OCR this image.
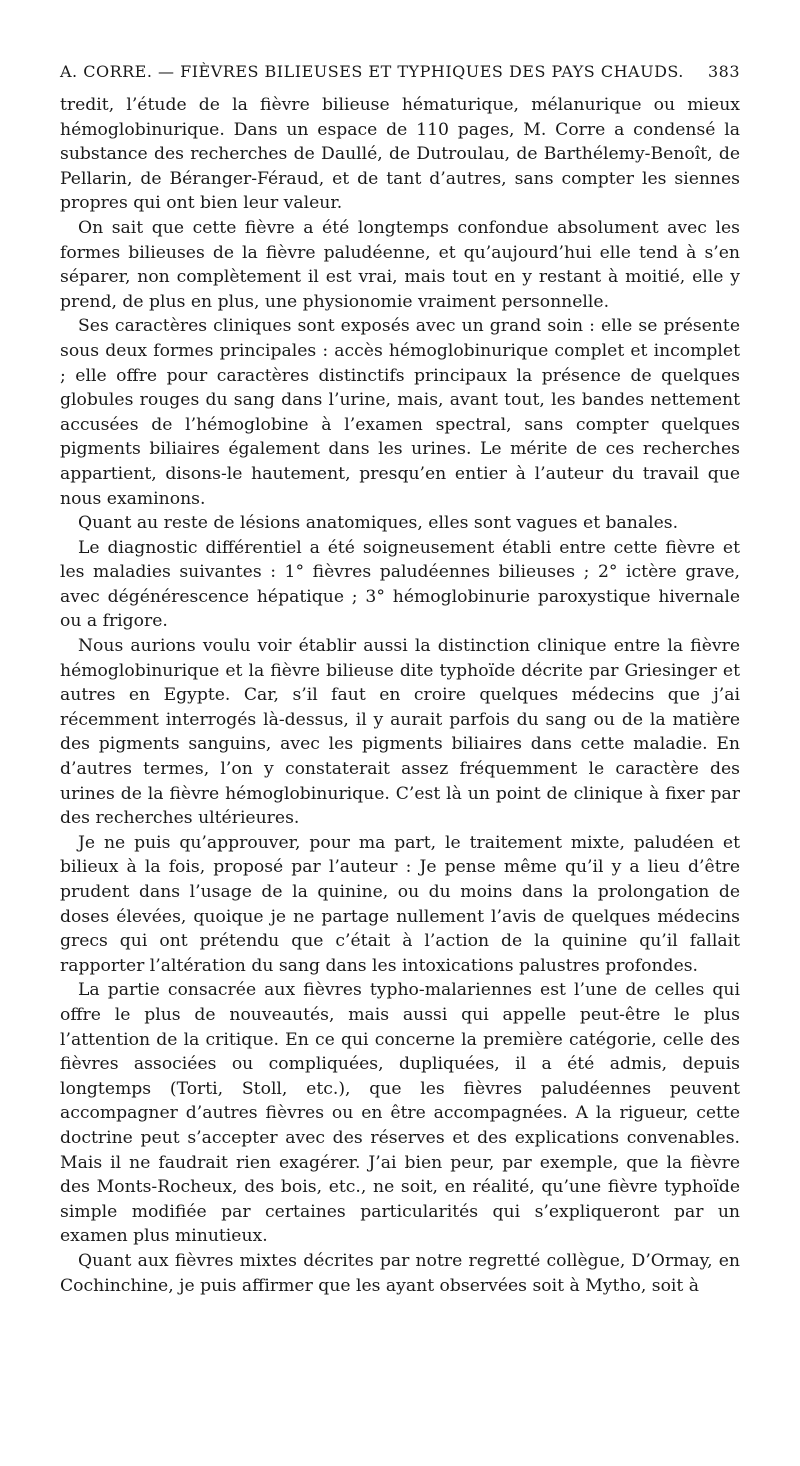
A. CORRE. — FIÈVRES BILIEUSES ET TYPHIQUES DES PAYS CHAUDS. 383

tredit, l’étude de la fièvre bilieuse hématurique, mélanurique ou mieux hémoglobinurique. Dans un espace de 110 pages, M. Corre a condensé la substance des recherches de Daullé, de Dutroulau, de Barthélemy-Benoît, de Pellarin, de Béranger-Féraud, et de tant d’autres, sans compter les siennes propres qui ont bien leur valeur.

On sait que cette fièvre a été longtemps confondue absolument avec les formes bilieuses de la fièvre paludéenne, et qu’aujourd’hui elle tend à s’en séparer, non complètement il est vrai, mais tout en y restant à moitié, elle y prend, de plus en plus, une physionomie vraiment personnelle.

Ses caractères cliniques sont exposés avec un grand soin : elle se présente sous deux formes principales : accès hémoglobinurique complet et incomplet ; elle offre pour caractères distinctifs principaux la présence de quelques globules rouges du sang dans l’urine, mais, avant tout, les bandes nettement accusées de l’hémoglobine à l’examen spectral, sans compter quelques pigments biliaires également dans les urines. Le mérite de ces recherches appartient, disons-le hautement, presqu’en entier à l’auteur du travail que nous examinons.

Quant au reste de lésions anatomiques, elles sont vagues et banales.

Le diagnostic différentiel a été soigneusement établi entre cette fièvre et les maladies suivantes : 1° fièvres paludéennes bilieuses ; 2° ictère grave, avec dégénérescence hépatique ; 3° hémoglobinurie paroxystique hivernale ou a frigore.

Nous aurions voulu voir établir aussi la distinction clinique entre la fièvre hémoglobinurique et la fièvre bilieuse dite typhoïde décrite par Griesinger et autres en Egypte. Car, s’il faut en croire quelques médecins que j’ai récemment interrogés là-dessus, il y aurait parfois du sang ou de la matière des pigments sanguins, avec les pigments biliaires dans cette maladie. En d’autres termes, l’on y constaterait assez fréquemment le caractère des urines de la fièvre hémoglobinurique. C’est là un point de clinique à fixer par des recherches ultérieures.

Je ne puis qu’approuver, pour ma part, le traitement mixte, paludéen et bilieux à la fois, proposé par l’auteur : Je pense même qu’il y a lieu d’être prudent dans l’usage de la quinine, ou du moins dans la prolongation de doses élevées, quoique je ne partage nullement l’avis de quelques médecins grecs qui ont prétendu que c’était à l’action de la quinine qu’il fallait rapporter l’altération du sang dans les intoxications palustres profondes.

La partie consacrée aux fièvres typho-malariennes est l’une de celles qui offre le plus de nouveautés, mais aussi qui appelle peut-être le plus l’attention de la critique. En ce qui concerne la première catégorie, celle des fièvres associées ou compliquées, dupliquées, il a été admis, depuis longtemps (Torti, Stoll, etc.), que les fièvres paludéennes peuvent accompagner d’autres fièvres ou en être accompagnées. A la rigueur, cette doctrine peut s’accepter avec des réserves et des explications convenables. Mais il ne faudrait rien exagérer. J’ai bien peur, par exemple, que la fièvre des Monts-Rocheux, des bois, etc., ne soit, en réalité, qu’une fièvre typhoïde simple modifiée par certaines particularités qui s’expliqueront par un examen plus minutieux.

Quant aux fièvres mixtes décrites par notre regretté collègue, D’Ormay, en Cochinchine, je puis affirmer que les ayant observées soit à Mytho, soit à
